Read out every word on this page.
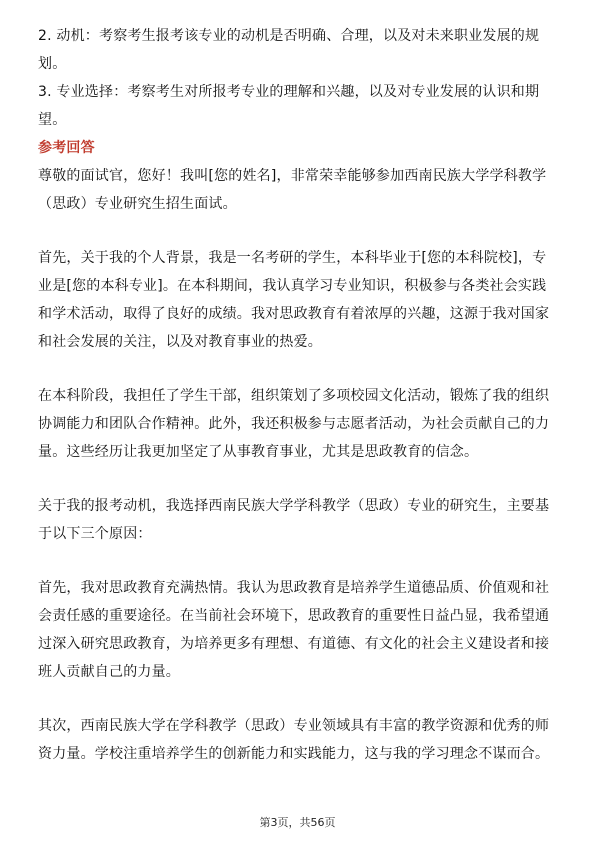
2. 动机：考察考生报考该专业的动机是否明确、合理，以及对未来职业发展的规
划。
3. 专业选择：考察考生对所报考专业的理解和兴趣，以及对专业发展的认识和期
望。
参考回答
尊敬的面试官，您好！我叫[您的姓名]，非常荣幸能够参加西南民族大学学科教学
（思政）专业研究生招生面试。
首先，关于我的个人背景，我是一名考研的学生，本科毕业于[您的本科院校]，专
业是[您的本科专业]。在本科期间，我认真学习专业知识，积极参与各类社会实践
和学术活动，取得了良好的成绩。我对思政教育有着浓厚的兴趣，这源于我对国家
和社会发展的关注，以及对教育事业的热爱。
在本科阶段，我担任了学生干部，组织策划了多项校园文化活动，锻炼了我的组织
协调能力和团队合作精神。此外，我还积极参与志愿者活动，为社会贡献自己的力
量。这些经历让我更加坚定了从事教育事业，尤其是思政教育的信念。
关于我的报考动机，我选择西南民族大学学科教学（思政）专业的研究生，主要基
于以下三个原因：
首先，我对思政教育充满热情。我认为思政教育是培养学生道德品质、价值观和社
会责任感的重要途径。在当前社会环境下，思政教育的重要性日益凸显，我希望通
过深入研究思政教育，为培养更多有理想、有道德、有文化的社会主义建设者和接
班人贡献自己的力量。
其次，西南民族大学在学科教学（思政）专业领域具有丰富的教学资源和优秀的师
资力量。学校注重培养学生的创新能力和实践能力，这与我的学习理念不谋而合。
第3页，共56页
